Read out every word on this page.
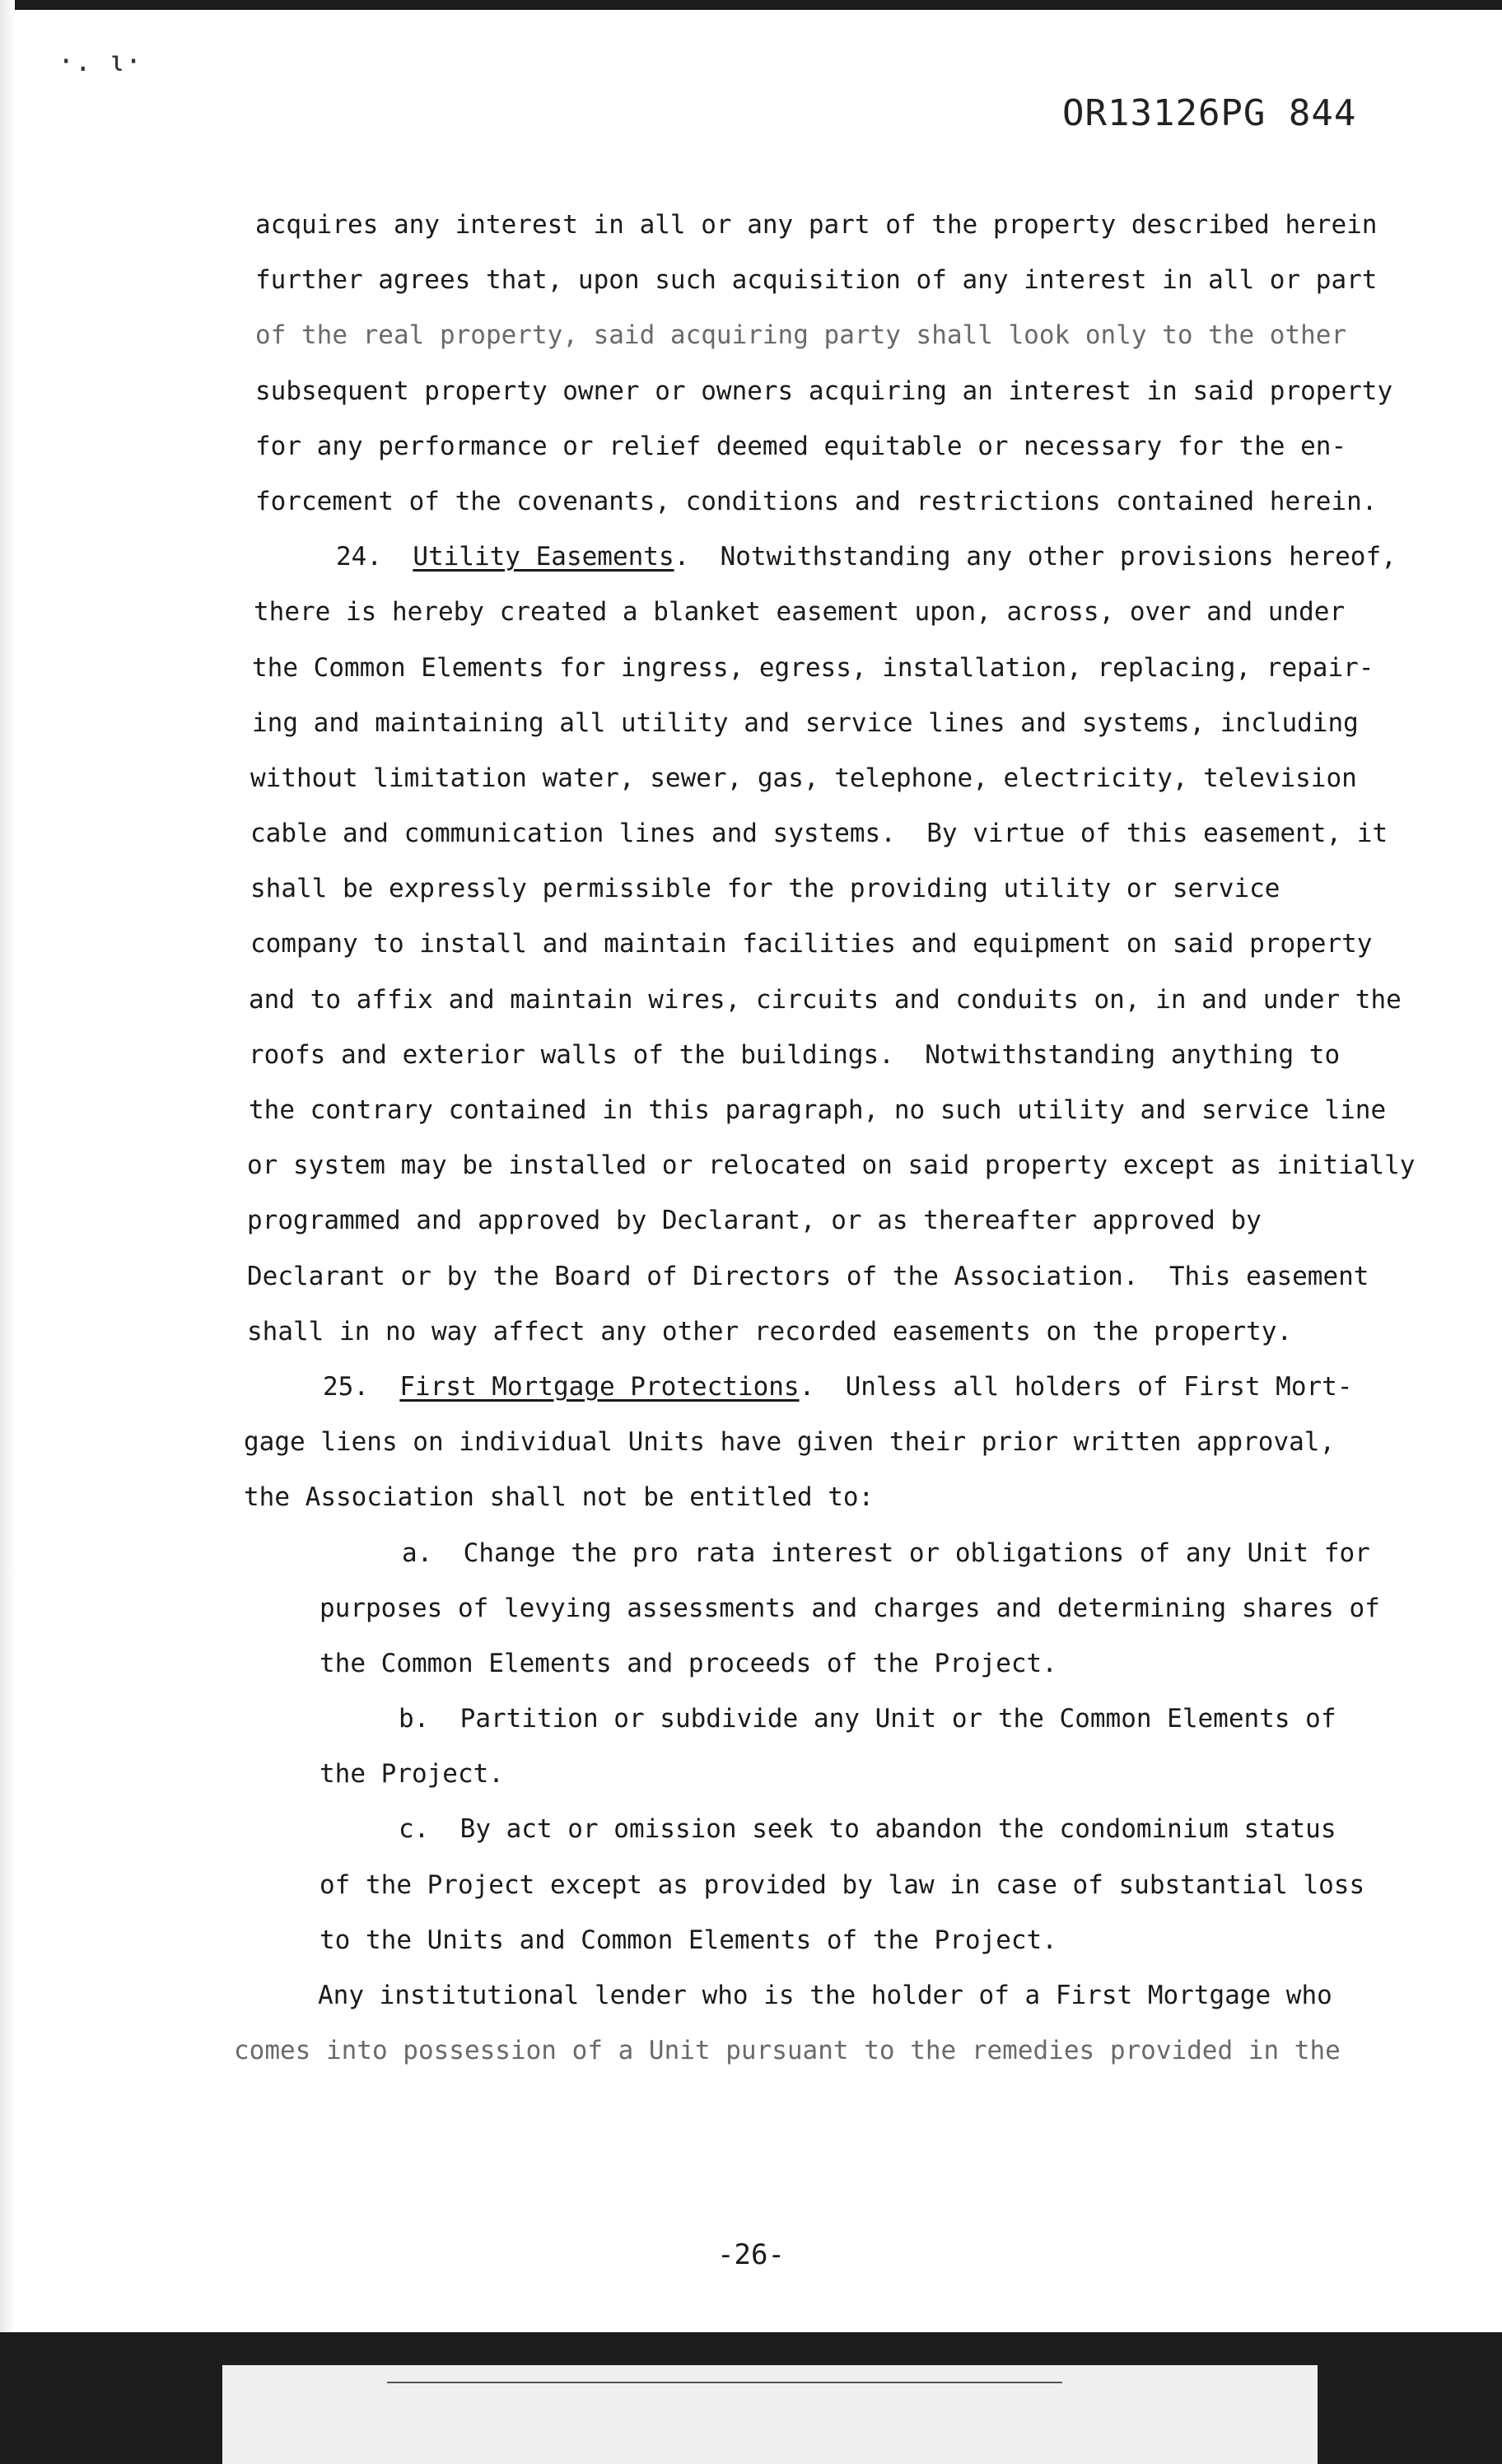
·. ι·
OR13126PG 844
acquires any interest in all or any part of the property described herein
further agrees that, upon such acquisition of any interest in all or part
of the real property, said acquiring party shall look only to the other
subsequent property owner or owners acquiring an interest in said property
for any performance or relief deemed equitable or necessary for the en-
forcement of the covenants, conditions and restrictions contained herein.
24.  Utility Easements.  Notwithstanding any other provisions hereof,
there is hereby created a blanket easement upon, across, over and under
the Common Elements for ingress, egress, installation, replacing, repair-
ing and maintaining all utility and service lines and systems, including
without limitation water, sewer, gas, telephone, electricity, television
cable and communication lines and systems.  By virtue of this easement, it
shall be expressly permissible for the providing utility or service
company to install and maintain facilities and equipment on said property
and to affix and maintain wires, circuits and conduits on, in and under the
roofs and exterior walls of the buildings.  Notwithstanding anything to
the contrary contained in this paragraph, no such utility and service line
or system may be installed or relocated on said property except as initially
programmed and approved by Declarant, or as thereafter approved by
Declarant or by the Board of Directors of the Association.  This easement
shall in no way affect any other recorded easements on the property.
25.  First Mortgage Protections.  Unless all holders of First Mort-
gage liens on individual Units have given their prior written approval,
the Association shall not be entitled to:
a.  Change the pro rata interest or obligations of any Unit for
purposes of levying assessments and charges and determining shares of
the Common Elements and proceeds of the Project.
b.  Partition or subdivide any Unit or the Common Elements of
the Project.
c.  By act or omission seek to abandon the condominium status
of the Project except as provided by law in case of substantial loss
to the Units and Common Elements of the Project.
Any institutional lender who is the holder of a First Mortgage who
comes into possession of a Unit pursuant to the remedies provided in the
-26-
